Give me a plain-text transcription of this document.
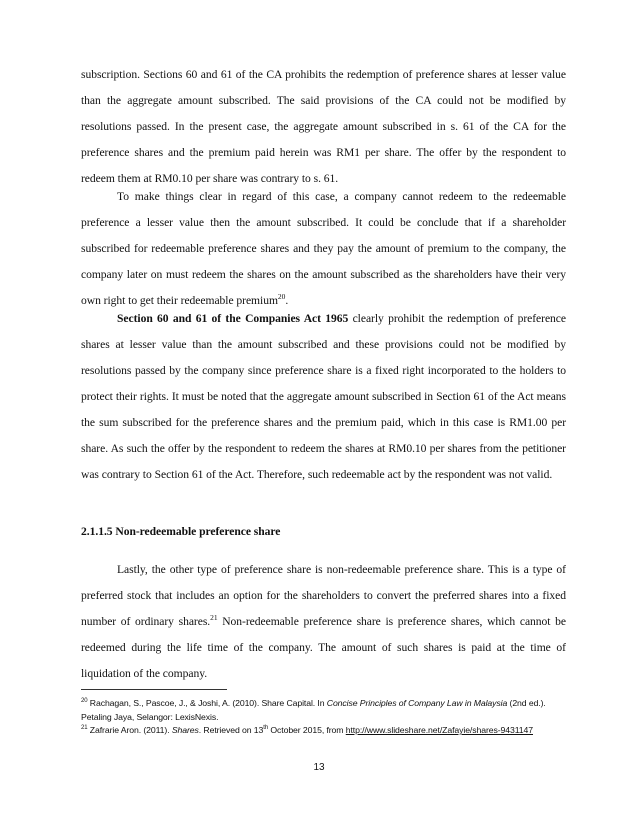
subscription. Sections 60 and 61 of the CA prohibits the redemption of preference shares at lesser value than the aggregate amount subscribed. The said provisions of the CA could not be modified by resolutions passed. In the present case, the aggregate amount subscribed in s. 61 of the CA for the preference shares and the premium paid herein was RM1 per share. The offer by the respondent to redeem them at RM0.10 per share was contrary to s. 61.

To make things clear in regard of this case, a company cannot redeem to the redeemable preference a lesser value then the amount subscribed. It could be conclude that if a shareholder subscribed for redeemable preference shares and they pay the amount of premium to the company, the company later on must redeem the shares on the amount subscribed as the shareholders have their very own right to get their redeemable premium$^{20}$.

Section 60 and 61 of the Companies Act 1965 clearly prohibit the redemption of preference shares at lesser value than the amount subscribed and these provisions could not be modified by resolutions passed by the company since preference share is a fixed right incorporated to the holders to protect their rights. It must be noted that the aggregate amount subscribed in Section 61 of the Act means the sum subscribed for the preference shares and the premium paid, which in this case is RM1.00 per share. As such the offer by the respondent to redeem the shares at RM0.10 per shares from the petitioner was contrary to Section 61 of the Act. Therefore, such redeemable act by the respondent was not valid.

2.1.1.5 Non-redeemable preference share

Lastly, the other type of preference share is non-redeemable preference share. This is a type of preferred stock that includes an option for the shareholders to convert the preferred shares into a fixed number of ordinary shares.$^{21}$ Non-redeemable preference share is preference shares, which cannot be redeemed during the life time of the company. The amount of such shares is paid at the time of liquidation of the company.

$^{20}$ Rachagan, S., Pascoe, J., & Joshi, A. (2010). Share Capital. In Concise Principles of Company Law in Malaysia (2nd ed.). Petaling Jaya, Selangor: LexisNexis.

$^{21}$ Zafrarie Aron. (2011). Shares. Retrieved on 13th October 2015, from http://www.slideshare.net/Zafayie/shares-9431147

13
